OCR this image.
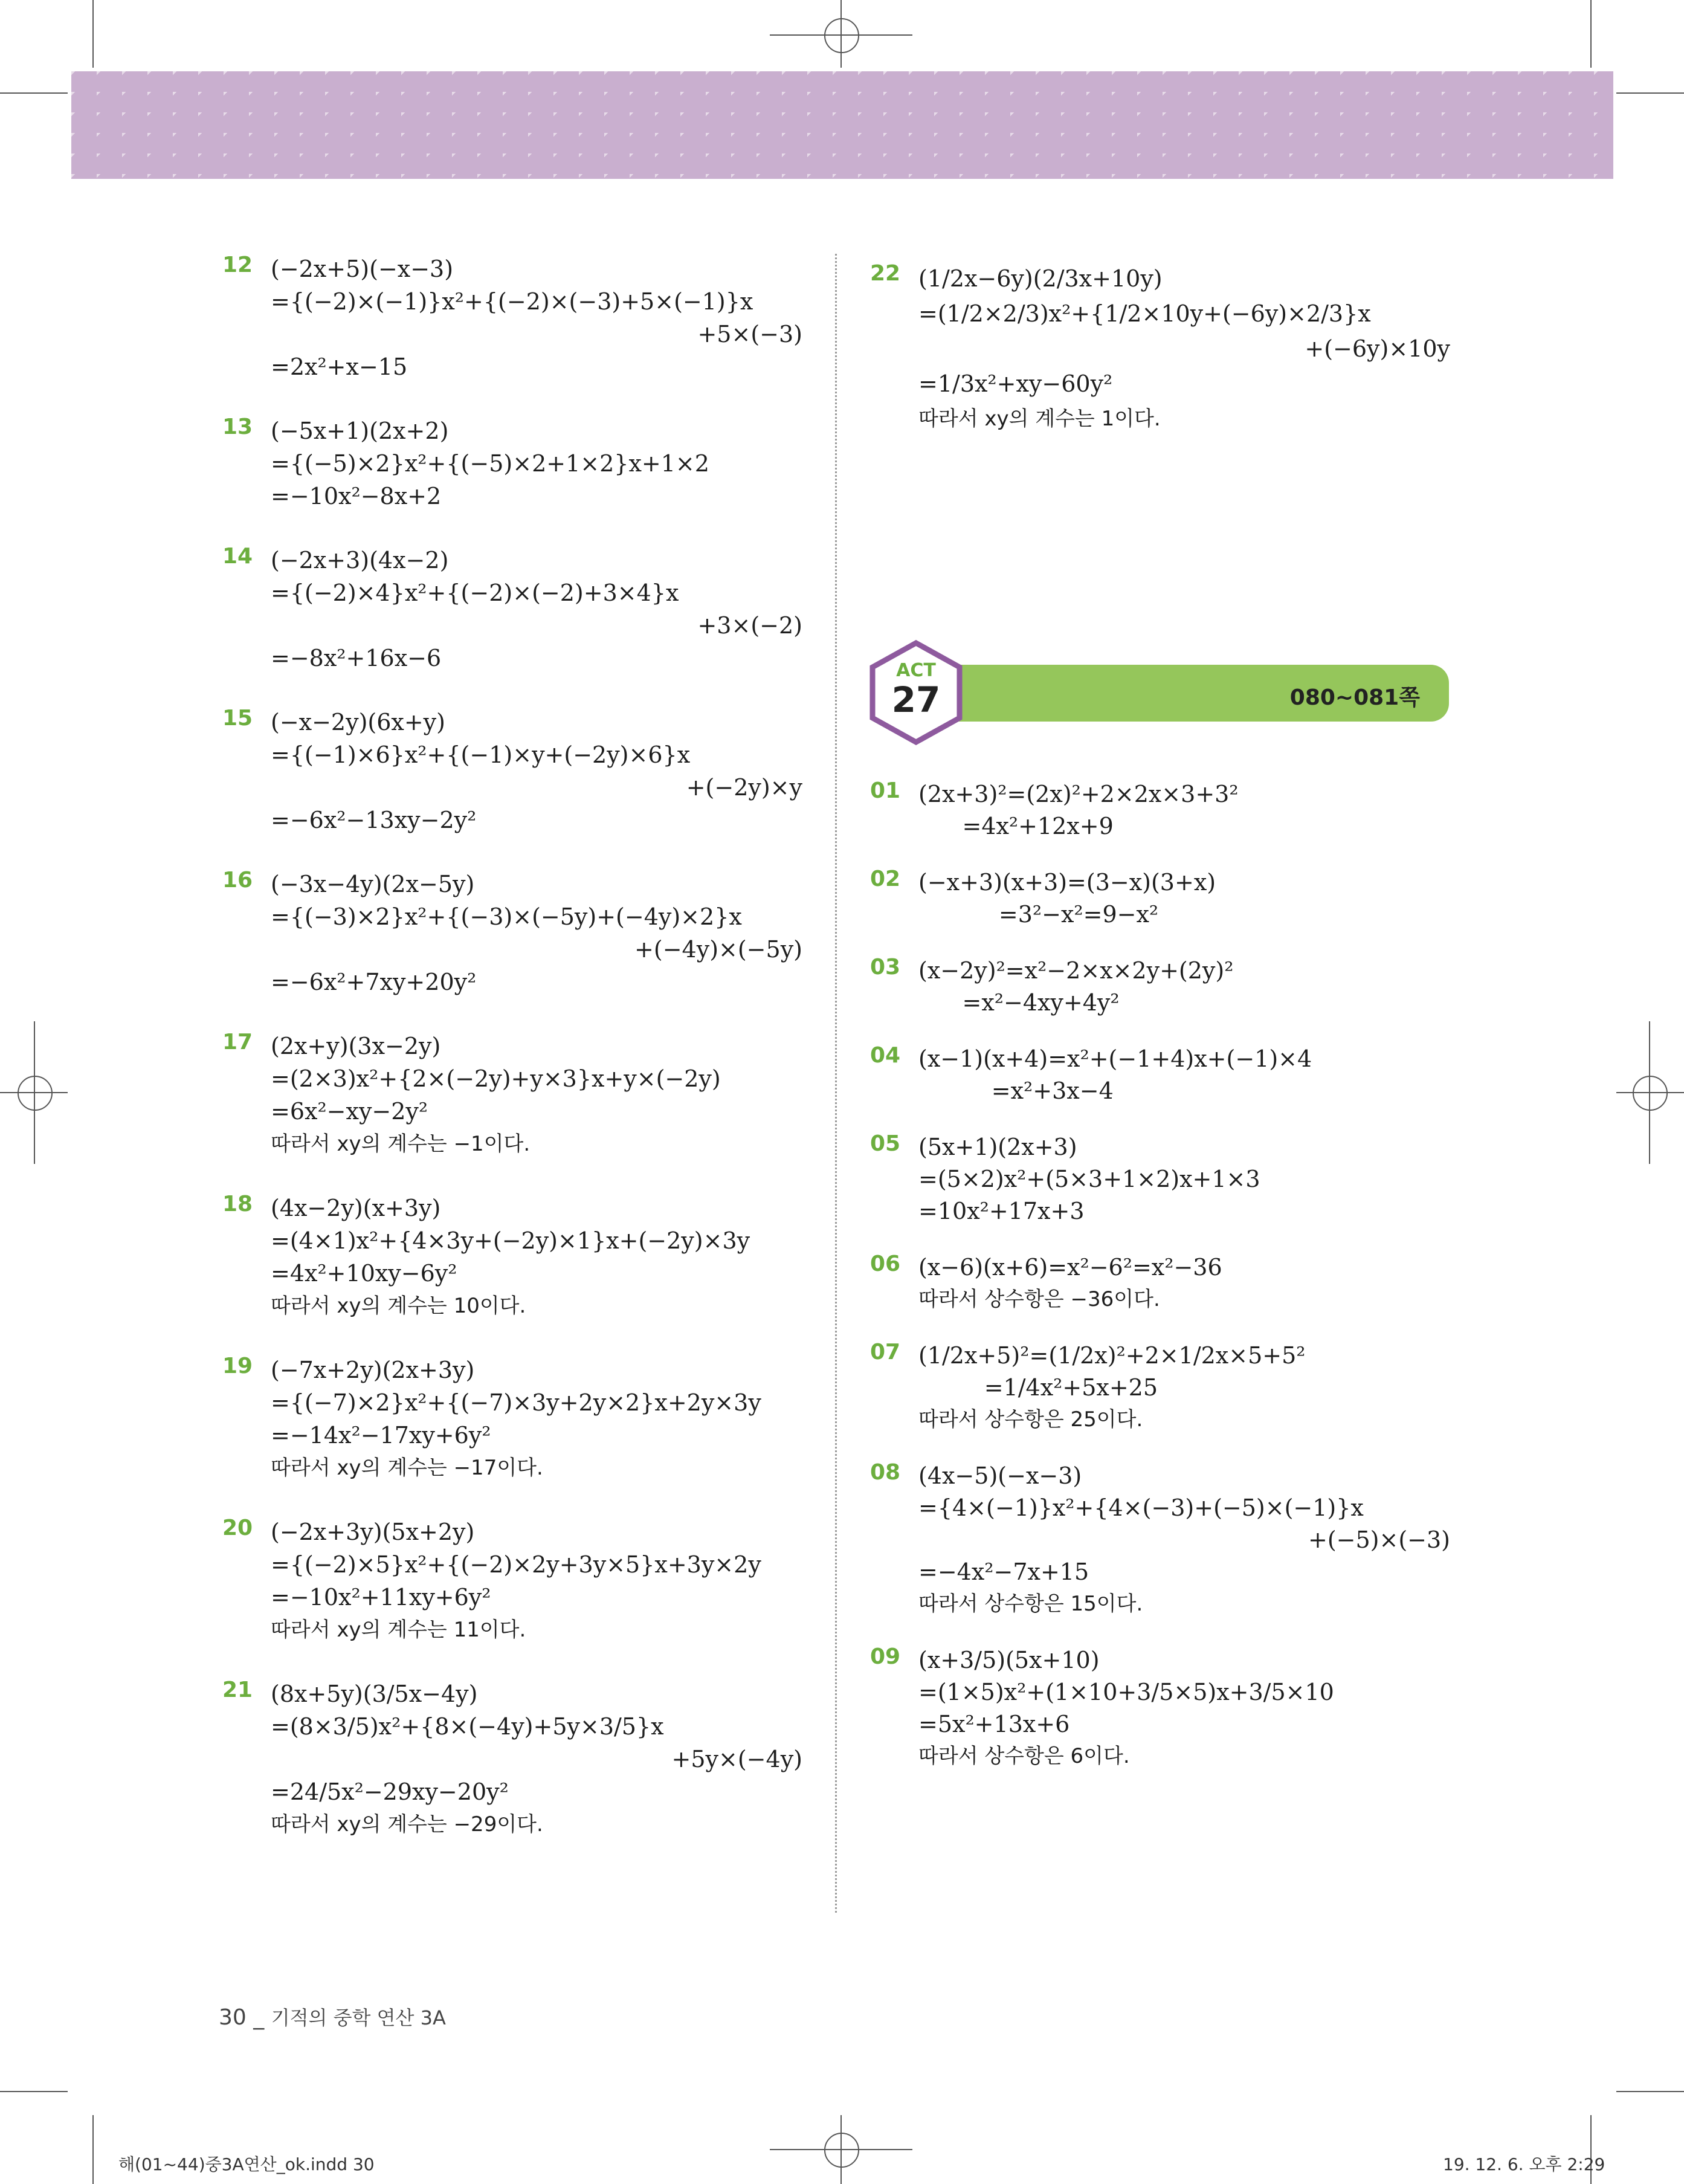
12 (−2x+5)(−x−3)
={(−2)×(−1)}x²+{(−2)×(−3)+5×(−1)}x
+5×(−3)
=2x²+x−15
13 (−5x+1)(2x+2)
={(−5)×2}x²+{(−5)×2+1×2}x+1×2
=−10x²−8x+2
14 (−2x+3)(4x−2)
={(−2)×4}x²+{(−2)×(−2)+3×4}x
+3×(−2)
=−8x²+16x−6
15 (−x−2y)(6x+y)
={(−1)×6}x²+{(−1)×y+(−2y)×6}x
+(−2y)×y
=−6x²−13xy−2y²
16 (−3x−4y)(2x−5y)
={(−3)×2}x²+{(−3)×(−5y)+(−4y)×2}x
+(−4y)×(−5y)
=−6x²+7xy+20y²
17 (2x+y)(3x−2y)
=(2×3)x²+{2×(−2y)+y×3}x+y×(−2y)
=6x²−xy−2y²
따라서 xy의 계수는 −1이다.
18 (4x−2y)(x+3y)
=(4×1)x²+{4×3y+(−2y)×1}x+(−2y)×3y
=4x²+10xy−6y²
따라서 xy의 계수는 10이다.
19 (−7x+2y)(2x+3y)
={(−7)×2}x²+{(−7)×3y+2y×2}x+2y×3y
=−14x²−17xy+6y²
따라서 xy의 계수는 −17이다.
20 (−2x+3y)(5x+2y)
={(−2)×5}x²+{(−2)×2y+3y×5}x+3y×2y
=−10x²+11xy+6y²
따라서 xy의 계수는 11이다.
21 (8x+5y)(3/5x−4y)
=(8×3/5)x²+{8×(−4y)+5y×3/5}x
+5y×(−4y)
=24/5x²−29xy−20y²
따라서 xy의 계수는 −29이다.
22 (1/2x−6y)(2/3x+10y)
=(1/2×2/3)x²+{1/2×10y+(−6y)×2/3}x
+(−6y)×10y
=1/3x²+xy−60y²
따라서 xy의 계수는 1이다.
080~081쪽
ACT
27
01 (2x+3)²=(2x)²+2×2x×3+3²
=4x²+12x+9
02 (−x+3)(x+3)=(3−x)(3+x)
=3²−x²=9−x²
03 (x−2y)²=x²−2×x×2y+(2y)²
=x²−4xy+4y²
04 (x−1)(x+4)=x²+(−1+4)x+(−1)×4
=x²+3x−4
05 (5x+1)(2x+3)
=(5×2)x²+(5×3+1×2)x+1×3
=10x²+17x+3
06 (x−6)(x+6)=x²−6²=x²−36
따라서 상수항은 −36이다.
07 (1/2x+5)²=(1/2x)²+2×1/2x×5+5²
=1/4x²+5x+25
따라서 상수항은 25이다.
08 (4x−5)(−x−3)
={4×(−1)}x²+{4×(−3)+(−5)×(−1)}x
+(−5)×(−3)
=−4x²−7x+15
따라서 상수항은 15이다.
09 (x+3/5)(5x+10)
=(1×5)x²+(1×10+3/5×5)x+3/5×10
=5x²+13x+6
따라서 상수항은 6이다.
30 _ 기적의 중학 연산 3A
해(01~44)중3A연산_ok.indd 30	19. 12. 6. 오후 2:29
